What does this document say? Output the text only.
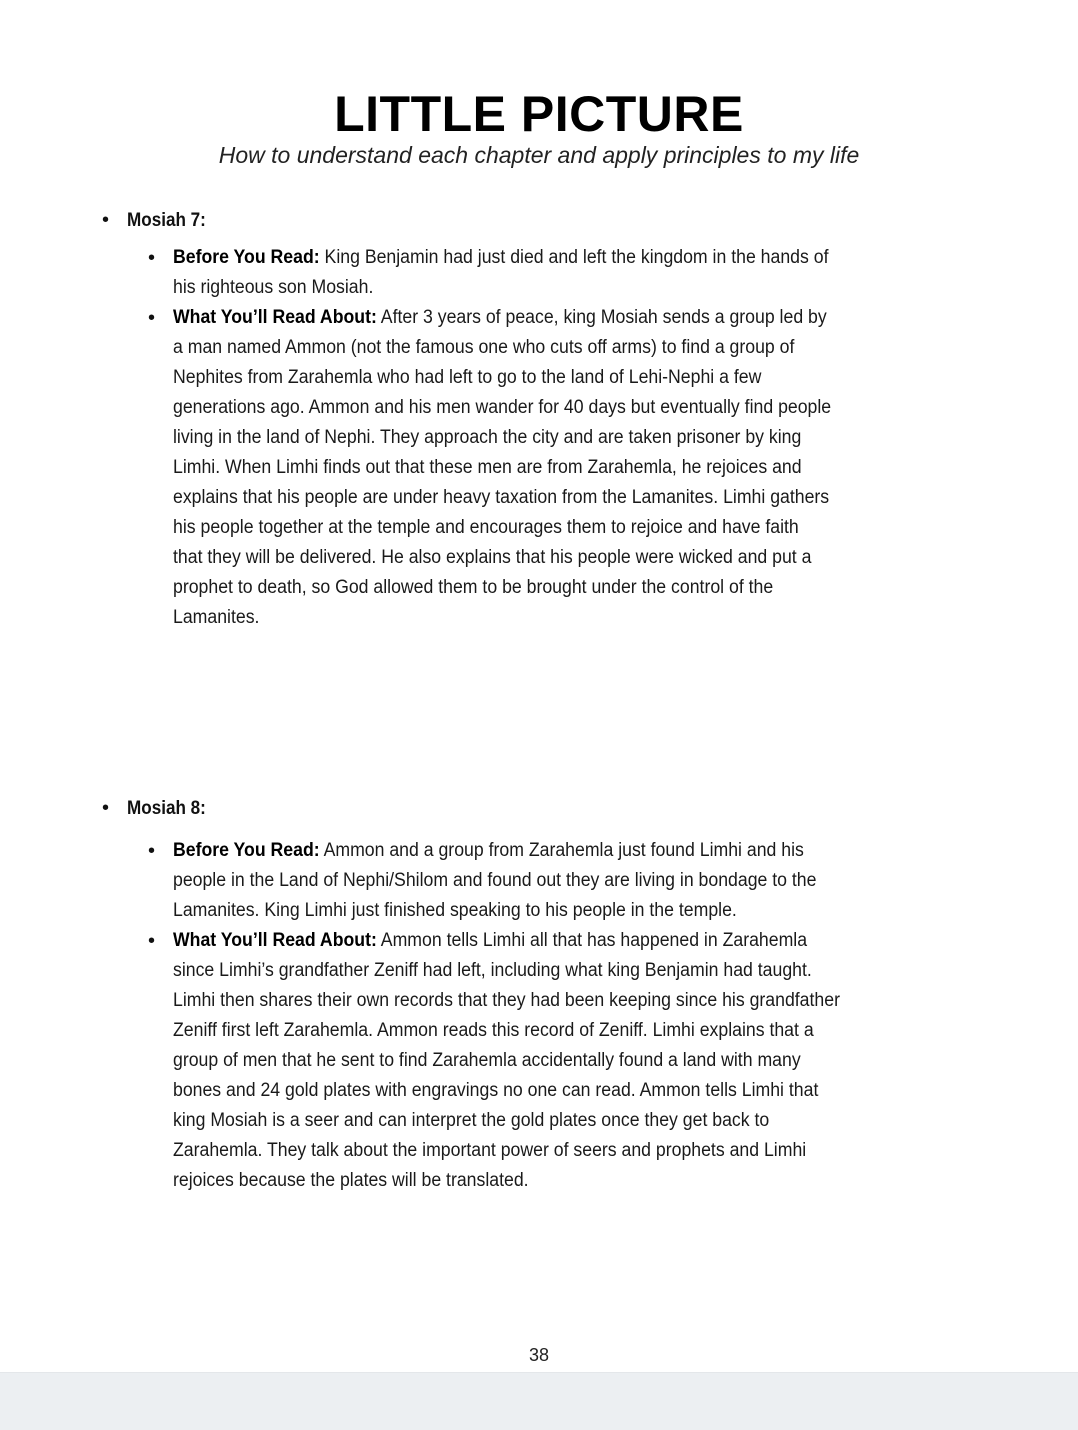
LITTLE PICTURE
How to understand each chapter and apply principles to my life
• Mosiah 7:
• Before You Read: King Benjamin had just died and left the kingdom in the hands of
his righteous son Mosiah.
• What You’ll Read About: After 3 years of peace, king Mosiah sends a group led by
a man named Ammon (not the famous one who cuts off arms) to find a group of
Nephites from Zarahemla who had left to go to the land of Lehi-Nephi a few
generations ago. Ammon and his men wander for 40 days but eventually find people
living in the land of Nephi. They approach the city and are taken prisoner by king
Limhi. When Limhi finds out that these men are from Zarahemla, he rejoices and
explains that his people are under heavy taxation from the Lamanites. Limhi gathers
his people together at the temple and encourages them to rejoice and have faith
that they will be delivered. He also explains that his people were wicked and put a
prophet to death, so God allowed them to be brought under the control of the
Lamanites.
• Mosiah 8:
• Before You Read: Ammon and a group from Zarahemla just found Limhi and his
people in the Land of Nephi/Shilom and found out they are living in bondage to the
Lamanites. King Limhi just finished speaking to his people in the temple.
• What You’ll Read About: Ammon tells Limhi all that has happened in Zarahemla
since Limhi’s grandfather Zeniff had left, including what king Benjamin had taught.
Limhi then shares their own records that they had been keeping since his grandfather
Zeniff first left Zarahemla. Ammon reads this record of Zeniff. Limhi explains that a
group of men that he sent to find Zarahemla accidentally found a land with many
bones and 24 gold plates with engravings no one can read. Ammon tells Limhi that
king Mosiah is a seer and can interpret the gold plates once they get back to
Zarahemla. They talk about the important power of seers and prophets and Limhi
rejoices because the plates will be translated.
38
